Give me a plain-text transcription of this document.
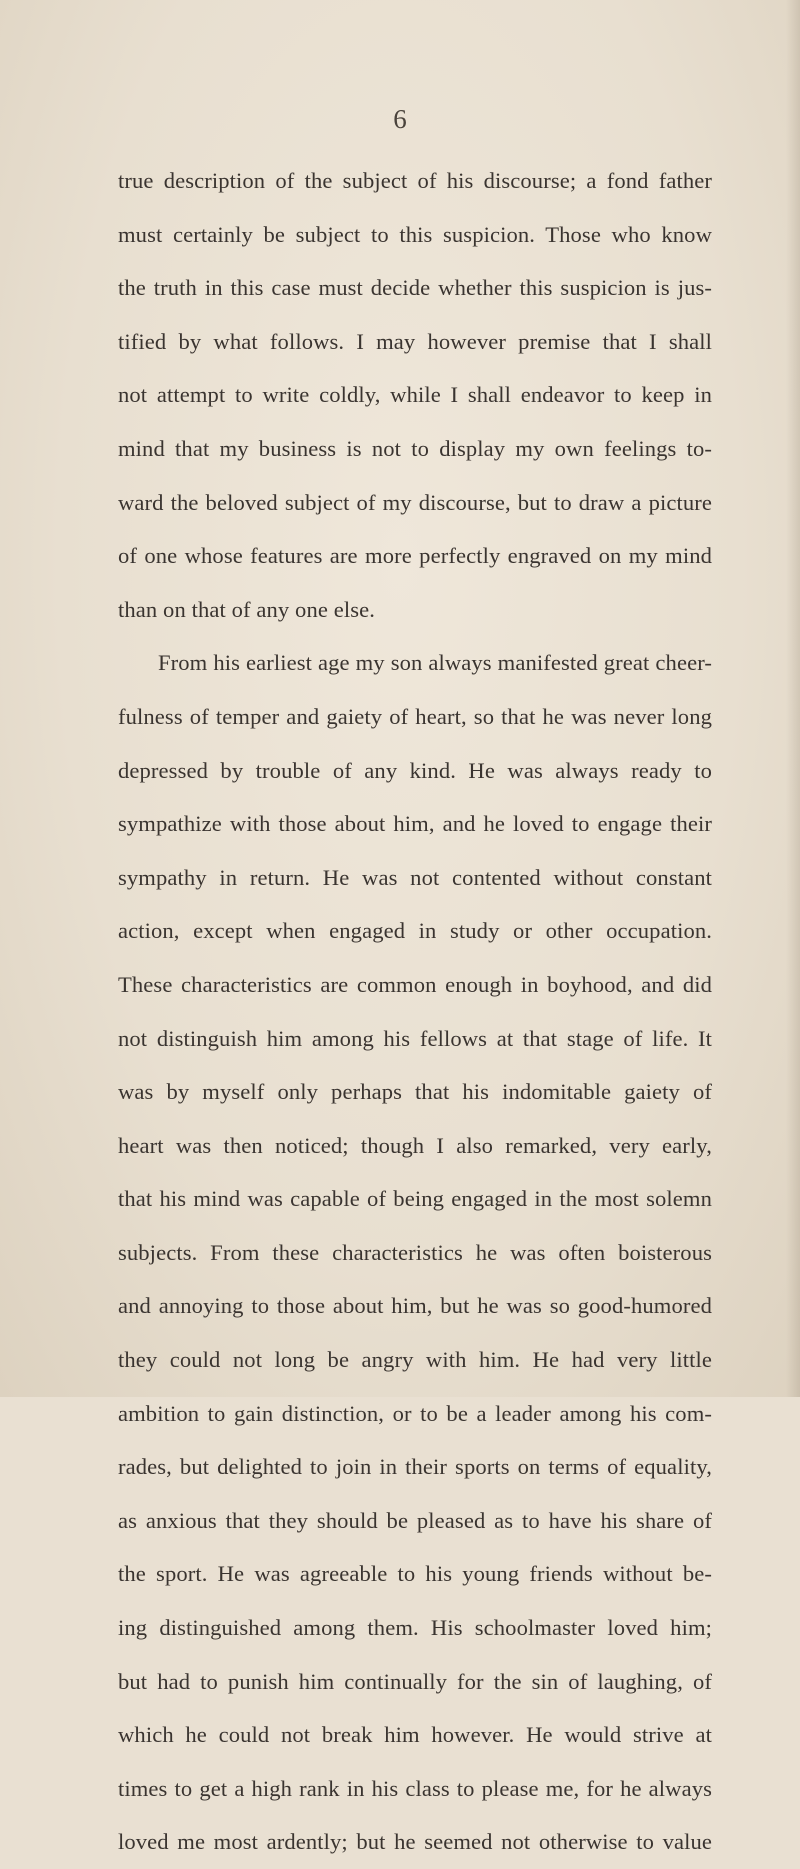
6
true description of the subject of his discourse; a fond father
must certainly be subject to this suspicion. Those who know
the truth in this case must decide whether this suspicion is jus-
tified by what follows. I may however premise that I shall
not attempt to write coldly, while I shall endeavor to keep in
mind that my business is not to display my own feelings to-
ward the beloved subject of my discourse, but to draw a picture
of one whose features are more perfectly engraved on my mind
than on that of any one else.
From his earliest age my son always manifested great cheer-
fulness of temper and gaiety of heart, so that he was never long
depressed by trouble of any kind. He was always ready to
sympathize with those about him, and he loved to engage their
sympathy in return. He was not contented without constant
action, except when engaged in study or other occupation.
These characteristics are common enough in boyhood, and did
not distinguish him among his fellows at that stage of life. It
was by myself only perhaps that his indomitable gaiety of
heart was then noticed; though I also remarked, very early,
that his mind was capable of being engaged in the most solemn
subjects. From these characteristics he was often boisterous
and annoying to those about him, but he was so good-humored
they could not long be angry with him. He had very little
ambition to gain distinction, or to be a leader among his com-
rades, but delighted to join in their sports on terms of equality,
as anxious that they should be pleased as to have his share of
the sport. He was agreeable to his young friends without be-
ing distinguished among them. His schoolmaster loved him;
but had to punish him continually for the sin of laughing, of
which he could not break him however. He would strive at
times to get a high rank in his class to please me, for he always
loved me most ardently; but he seemed not otherwise to value
